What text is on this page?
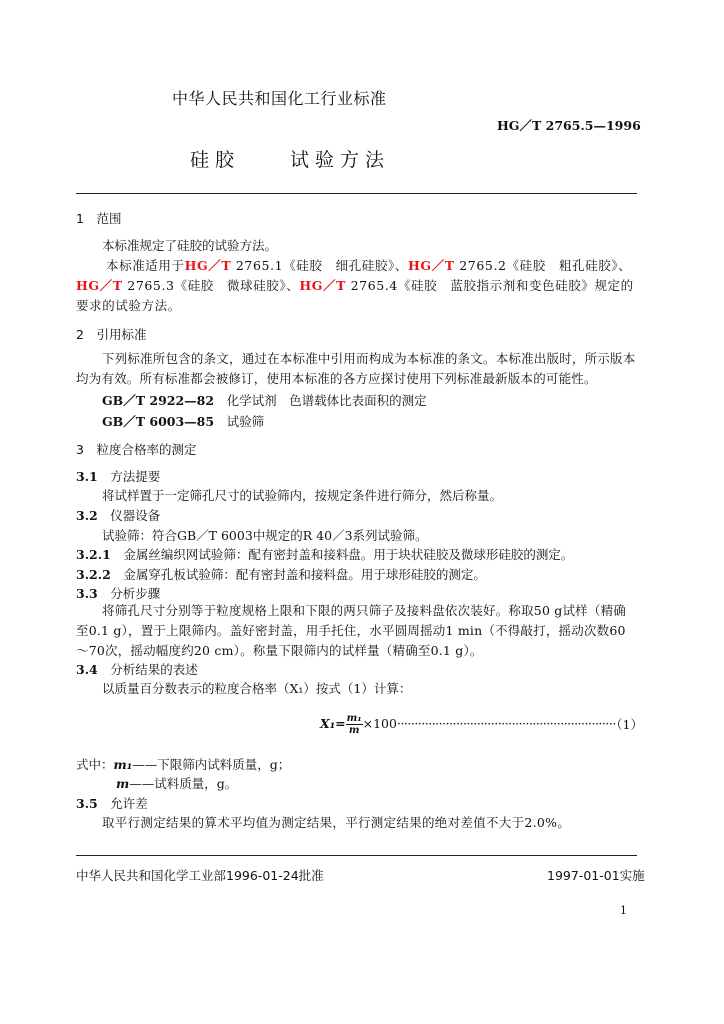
中华人民共和国化工行业标准
HG／T 2765.5—1996
硅胶　　试验方法
1　范围
本标准规定了硅胶的试验方法。
本标准适用于HG／T 2765.1《硅胶　细孔硅胶》、HG／T 2765.2《硅胶　粗孔硅胶》、HG／T 2765.3《硅胶　微球硅胶》、HG／T 2765.4《硅胶　蓝胶指示剂和变色硅胶》规定的要求的试验方法。
2　引用标准
下列标准所包含的条文，通过在本标准中引用而构成为本标准的条文。本标准出版时，所示版本均为有效。所有标准都会被修订，使用本标准的各方应探讨使用下列标准最新版本的可能性。
GB／T 2922—82　 化学试剂　色谱载体比表面积的测定
GB／T 6003—85　 试验筛
3　粒度合格率的测定
3.1　 方法提要
将试样置于一定筛孔尺寸的试验筛内，按规定条件进行筛分，然后称量。
3.2　 仪器设备
试验筛：符合GB／T 6003中规定的R 40／3系列试验筛。
3.2.1　 金属丝编织网试验筛：配有密封盖和接料盘。用于块状硅胶及微球形硅胶的测定。
3.2.2　 金属穿孔板试验筛：配有密封盖和接料盘。用于球形硅胶的测定。
3.3　 分析步骤
将筛孔尺寸分别等于粒度规格上限和下限的两只筛子及接料盘依次装好。称取50 g试样（精确至0.1 g），置于上限筛内。盖好密封盖，用手托住，水平圆周摇动1 min（不得敲打，摇动次数60～70次，摇动幅度约20 cm）。称量下限筛内的试样量（精确至0.1 g）。
3.4　 分析结果的表述
以质量百分数表示的粒度合格率（X₁）按式（1）计算：
$X_1= \frac{\text{m₁}}{m} \times 100\cdot\cdot\cdot\cdot\cdot\cdot\cdot\cdot\cdot\cdot\cdot\cdot\cdot\cdot\cdot\cdot\cdot\cdot\cdot\cdot\cdot\cdot\cdot\cdot\cdot\cdot\cdot\cdot\cdot\cdot\cdot\cdot\cdot\cdot\cdot\cdot\cdot\cdot\cdot\cdot\cdot\cdot\cdot\cdot\cdot\cdot\cdot\cdot\cdot\cdot\cdot\cdot\cdot\cdot\cdot\cdot\cdot\cdot\cdot\cdot\cdot\cdot\cdot$
（1）
式中：m₁——下限筛内试料质量，g；
m——试料质量，g。
3.5　 允许差
取平行测定结果的算术平均值为测定结果，平行测定结果的绝对差值不大于2.0%。
中华人民共和国化学工业部1996-01-24批准	1997-01-01实施
1
